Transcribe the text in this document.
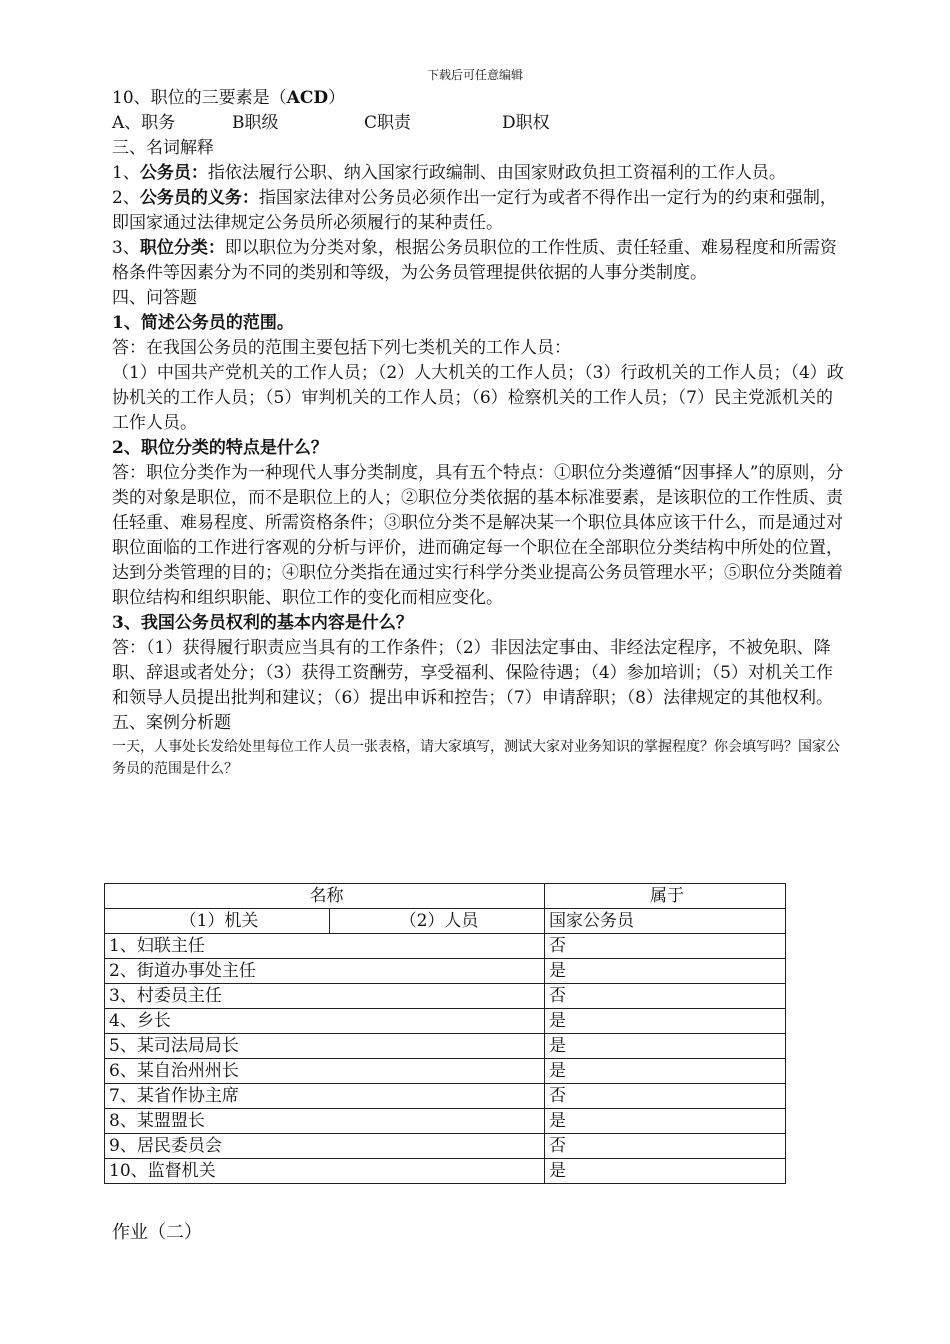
下载后可任意编辑

10、职位的三要素是（ACD）

A、职务	B职级	C职责	D职权

三、名词解释

1、公务员：指依法履行公职、纳入国家行政编制、由国家财政负担工资福利的工作人员。

2、公务员的义务：指国家法律对公务员必须作出一定行为或者不得作出一定行为的约束和强制，即国家通过法律规定公务员所必须履行的某种责任。

3、职位分类：即以职位为分类对象，根据公务员职位的工作性质、责任轻重、难易程度和所需资格条件等因素分为不同的类别和等级，为公务员管理提供依据的人事分类制度。

四、问答题

1、简述公务员的范围。

答：在我国公务员的范围主要包括下列七类机关的工作人员：

（1）中国共产党机关的工作人员；（2）人大机关的工作人员；（3）行政机关的工作人员；（4）政协机关的工作人员；（5）审判机关的工作人员；（6）检察机关的工作人员；（7）民主党派机关的工作人员。

2、职位分类的特点是什么？

答：职位分类作为一种现代人事分类制度，具有五个特点：①职位分类遵循“因事择人”的原则，分类的对象是职位，而不是职位上的人；②职位分类依据的基本标准要素，是该职位的工作性质、责任轻重、难易程度、所需资格条件；③职位分类不是解决某一个职位具体应该干什么，而是通过对职位面临的工作进行客观的分析与评价，进而确定每一个职位在全部职位分类结构中所处的位置，达到分类管理的目的；④职位分类指在通过实行科学分类业提高公务员管理水平；⑤职位分类随着职位结构和组织职能、职位工作的变化而相应变化。

3、我国公务员权利的基本内容是什么？

答：（1）获得履行职责应当具有的工作条件；（2）非因法定事由、非经法定程序，不被免职、降职、辞退或者处分；（3）获得工资酬劳，享受福利、保险待遇；（4）参加培训；（5）对机关工作和领导人员提出批判和建议；（6）提出申诉和控告；（7）申请辞职；（8）法律规定的其他权利。

五、案例分析题

一天，人事处长发给处里每位工作人员一张表格，请大家填写，测试大家对业务知识的掌握程度？你会填写吗？国家公务员的范围是什么？

名称		属于
（1）机关	（2）人员	国家公务员
1、妇联主任		否
2、街道办事处主任		是
3、村委员主任		否
4、乡长		是
5、某司法局局长		是
6、某自治州州长		是
7、某省作协主席		否
8、某盟盟长		是
9、居民委员会		否
10、监督机关		是
作业（二）
